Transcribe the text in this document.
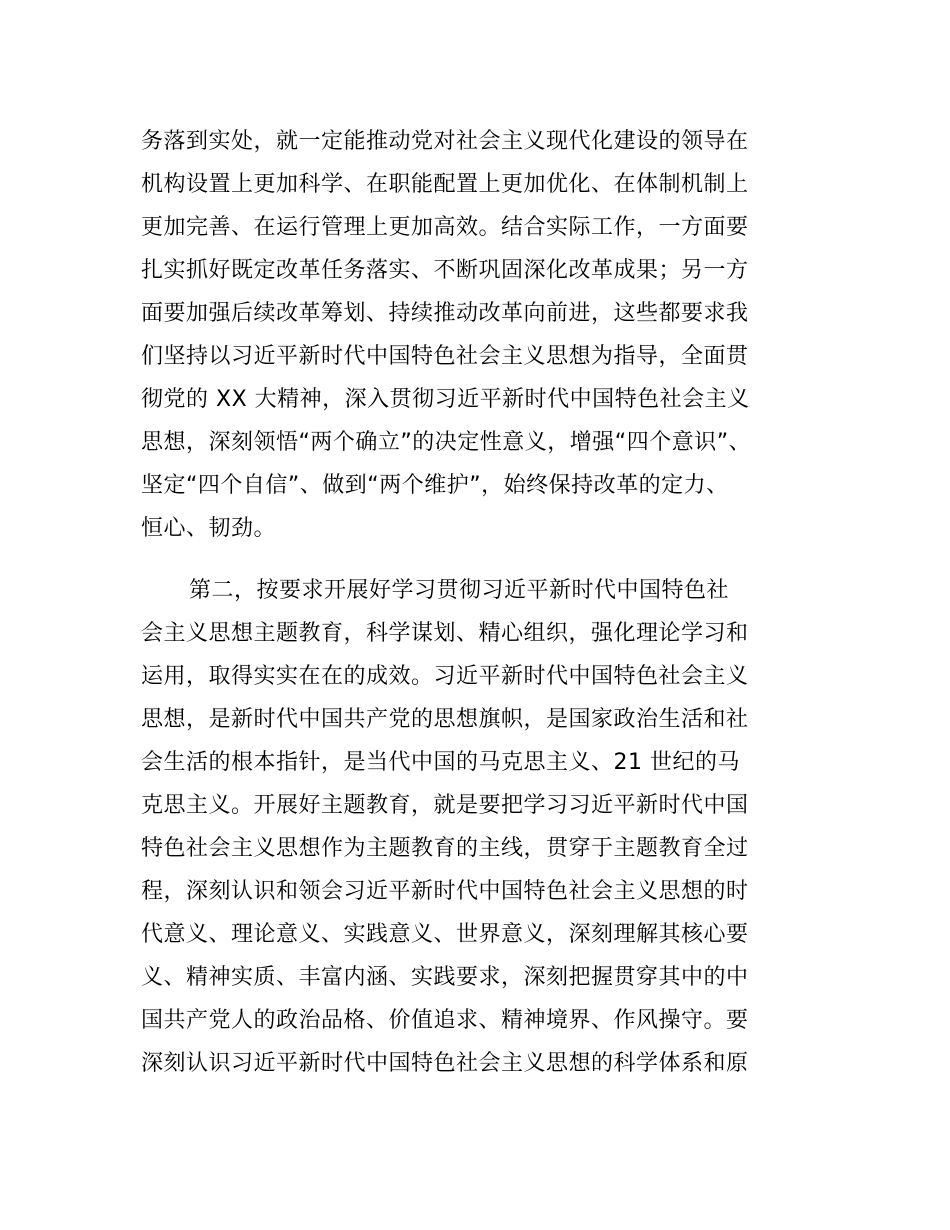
务落到实处，就一定能推动党对社会主义现代化建设的领导在
机构设置上更加科学、在职能配置上更加优化、在体制机制上
更加完善、在运行管理上更加高效。结合实际工作，一方面要
扎实抓好既定改革任务落实、不断巩固深化改革成果；另一方
面要加强后续改革筹划、持续推动改革向前进，这些都要求我
们坚持以习近平新时代中国特色社会主义思想为指导，全面贯
彻党的 XX 大精神，深入贯彻习近平新时代中国特色社会主义
思想，深刻领悟“两个确立”的决定性意义，增强“四个意识”、
坚定“四个自信”、做到“两个维护”，始终保持改革的定力、
恒心、韧劲。
第二，按要求开展好学习贯彻习近平新时代中国特色社
会主义思想主题教育，科学谋划、精心组织，强化理论学习和
运用，取得实实在在的成效。习近平新时代中国特色社会主义
思想，是新时代中国共产党的思想旗帜，是国家政治生活和社
会生活的根本指针，是当代中国的马克思主义、21 世纪的马
克思主义。开展好主题教育，就是要把学习习近平新时代中国
特色社会主义思想作为主题教育的主线，贯穿于主题教育全过
程，深刻认识和领会习近平新时代中国特色社会主义思想的时
代意义、理论意义、实践意义、世界意义，深刻理解其核心要
义、精神实质、丰富内涵、实践要求，深刻把握贯穿其中的中
国共产党人的政治品格、价值追求、精神境界、作风操守。要
深刻认识习近平新时代中国特色社会主义思想的科学体系和原
